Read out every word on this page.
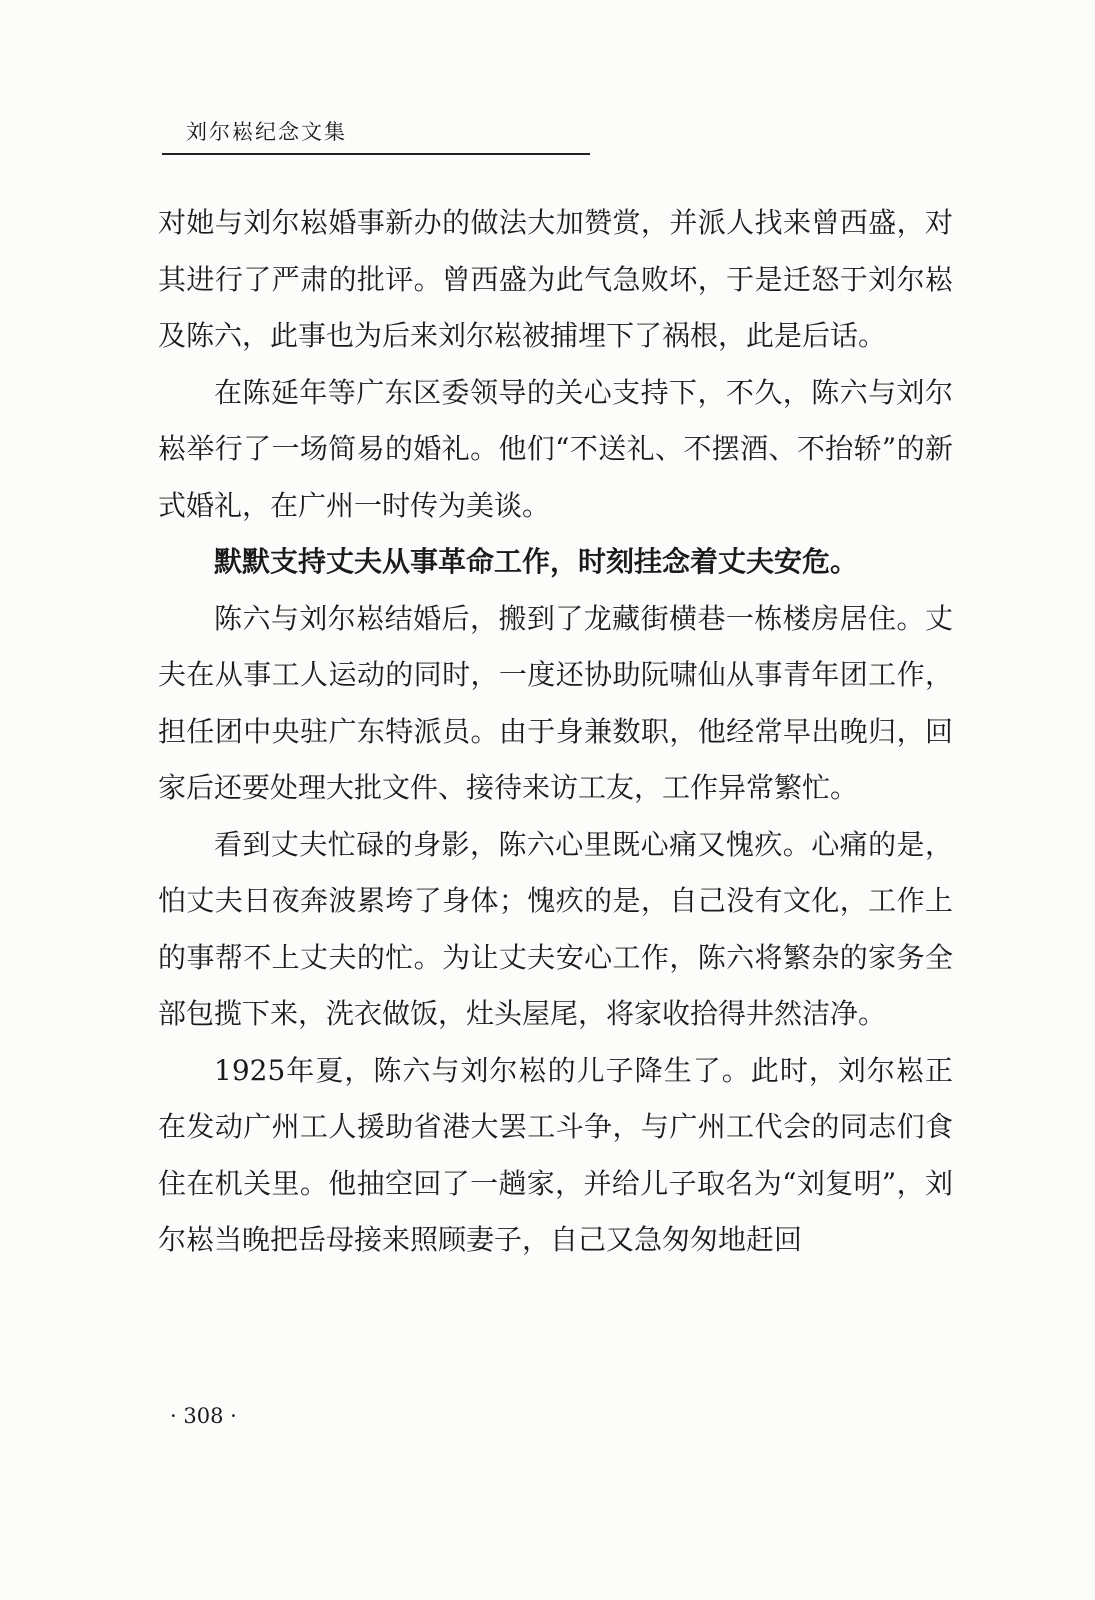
刘尔崧纪念文集

对她与刘尔崧婚事新办的做法大加赞赏，并派人找来曾西盛，对其进行了严肃的批评。曾西盛为此气急败坏，于是迁怒于刘尔崧及陈六，此事也为后来刘尔崧被捕埋下了祸根，此是后话。

在陈延年等广东区委领导的关心支持下，不久，陈六与刘尔崧举行了一场简易的婚礼。他们“不送礼、不摆酒、不抬轿”的新式婚礼，在广州一时传为美谈。

默默支持丈夫从事革命工作，时刻挂念着丈夫安危。

陈六与刘尔崧结婚后，搬到了龙藏街横巷一栋楼房居住。丈夫在从事工人运动的同时，一度还协助阮啸仙从事青年团工作，担任团中央驻广东特派员。由于身兼数职，他经常早出晚归，回家后还要处理大批文件、接待来访工友，工作异常繁忙。

看到丈夫忙碌的身影，陈六心里既心痛又愧疚。心痛的是，怕丈夫日夜奔波累垮了身体；愧疚的是，自己没有文化，工作上的事帮不上丈夫的忙。为让丈夫安心工作，陈六将繁杂的家务全部包揽下来，洗衣做饭，灶头屋尾，将家收拾得井然洁净。

1925年夏，陈六与刘尔崧的儿子降生了。此时，刘尔崧正在发动广州工人援助省港大罢工斗争，与广州工代会的同志们食住在机关里。他抽空回了一趟家，并给儿子取名为“刘复明”，刘尔崧当晚把岳母接来照顾妻子，自己又急匆匆地赶回

· 308 ·
